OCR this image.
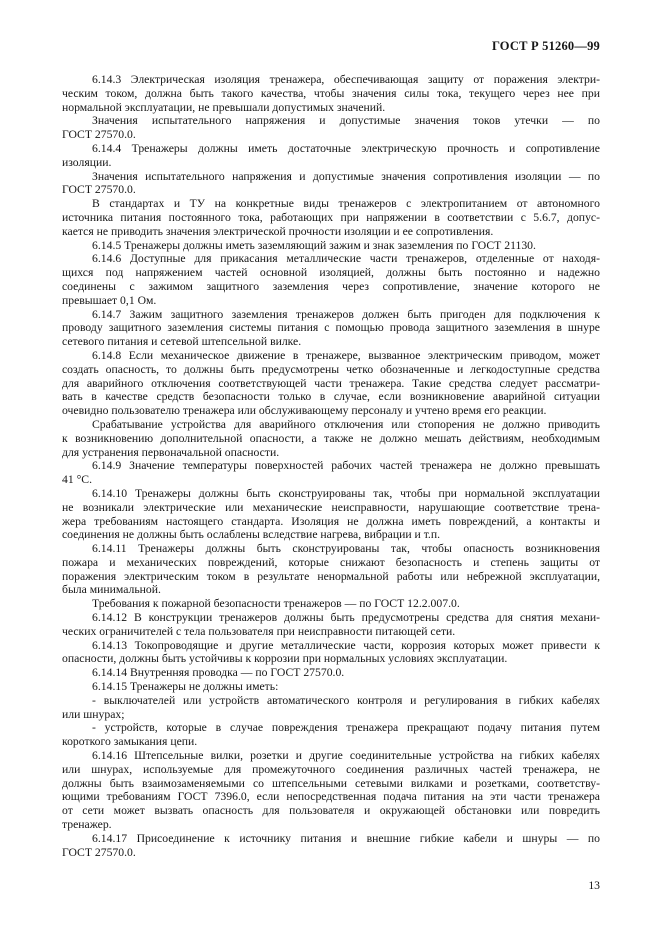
ГОСТ Р 51260—99
6.14.3 Электрическая изоляция тренажера, обеспечивающая защиту от поражения электри-
ческим током, должна быть такого качества, чтобы значения силы тока, текущего через нее при
нормальной эксплуатации, не превышали допустимых значений.
Значения испытательного напряжения и допустимые значения токов утечки — по
ГОСТ 27570.0.
6.14.4 Тренажеры должны иметь достаточные электрическую прочность и сопротивление
изоляции.
Значения испытательного напряжения и допустимые значения сопротивления изоляции — по
ГОСТ 27570.0.
В стандартах и ТУ на конкретные виды тренажеров с электропитанием от автономного
источника питания постоянного тока, работающих при напряжении в соответствии с 5.6.7, допус-
кается не приводить значения электрической прочности изоляции и ее сопротивления.
6.14.5 Тренажеры должны иметь заземляющий зажим и знак заземления по ГОСТ 21130.
6.14.6 Доступные для прикасания металлические части тренажеров, отделенные от находя-
щихся под напряжением частей основной изоляцией, должны быть постоянно и надежно
соединены с зажимом защитного заземления через сопротивление, значение которого не
превышает 0,1 Ом.
6.14.7 Зажим защитного заземления тренажеров должен быть пригоден для подключения к
проводу защитного заземления системы питания с помощью провода защитного заземления в шнуре
сетевого питания и сетевой штепсельной вилке.
6.14.8 Если механическое движение в тренажере, вызванное электрическим приводом, может
создать опасность, то должны быть предусмотрены четко обозначенные и легкодоступные средства
для аварийного отключения соответствующей части тренажера. Такие средства следует рассматри-
вать в качестве средств безопасности только в случае, если возникновение аварийной ситуации
очевидно пользователю тренажера или обслуживающему персоналу и учтено время его реакции.
Срабатывание устройства для аварийного отключения или стопорения не должно приводить
к возникновению дополнительной опасности, а также не должно мешать действиям, необходимым
для устранения первоначальной опасности.
6.14.9 Значение температуры поверхностей рабочих частей тренажера не должно превышать
41 °С.
6.14.10 Тренажеры должны быть сконструированы так, чтобы при нормальной эксплуатации
не возникали электрические или механические неисправности, нарушающие соответствие трена-
жера требованиям настоящего стандарта. Изоляция не должна иметь повреждений, а контакты и
соединения не должны быть ослаблены вследствие нагрева, вибрации и т.п.
6.14.11 Тренажеры должны быть сконструированы так, чтобы опасность возникновения
пожара и механических повреждений, которые снижают безопасность и степень защиты от
поражения электрическим током в результате ненормальной работы или небрежной эксплуатации,
была минимальной.
Требования к пожарной безопасности тренажеров — по ГОСТ 12.2.007.0.
6.14.12 В конструкции тренажеров должны быть предусмотрены средства для снятия механи-
ческих ограничителей с тела пользователя при неисправности питающей сети.
6.14.13 Токопроводящие и другие металлические части, коррозия которых может привести к
опасности, должны быть устойчивы к коррозии при нормальных условиях эксплуатации.
6.14.14 Внутренняя проводка — по ГОСТ 27570.0.
6.14.15 Тренажеры не должны иметь:
- выключателей или устройств автоматического контроля и регулирования в гибких кабелях
или шнурах;
- устройств, которые в случае повреждения тренажера прекращают подачу питания путем
короткого замыкания цепи.
6.14.16 Штепсельные вилки, розетки и другие соединительные устройства на гибких кабелях
или шнурах, используемые для промежуточного соединения различных частей тренажера, не
должны быть взаимозаменяемыми со штепсельными сетевыми вилками и розетками, соответству-
ющими требованиям ГОСТ 7396.0, если непосредственная подача питания на эти части тренажера
от сети может вызвать опасность для пользователя и окружающей обстановки или повредить
тренажер.
6.14.17 Присоединение к источнику питания и внешние гибкие кабели и шнуры — по
ГОСТ 27570.0.
13
